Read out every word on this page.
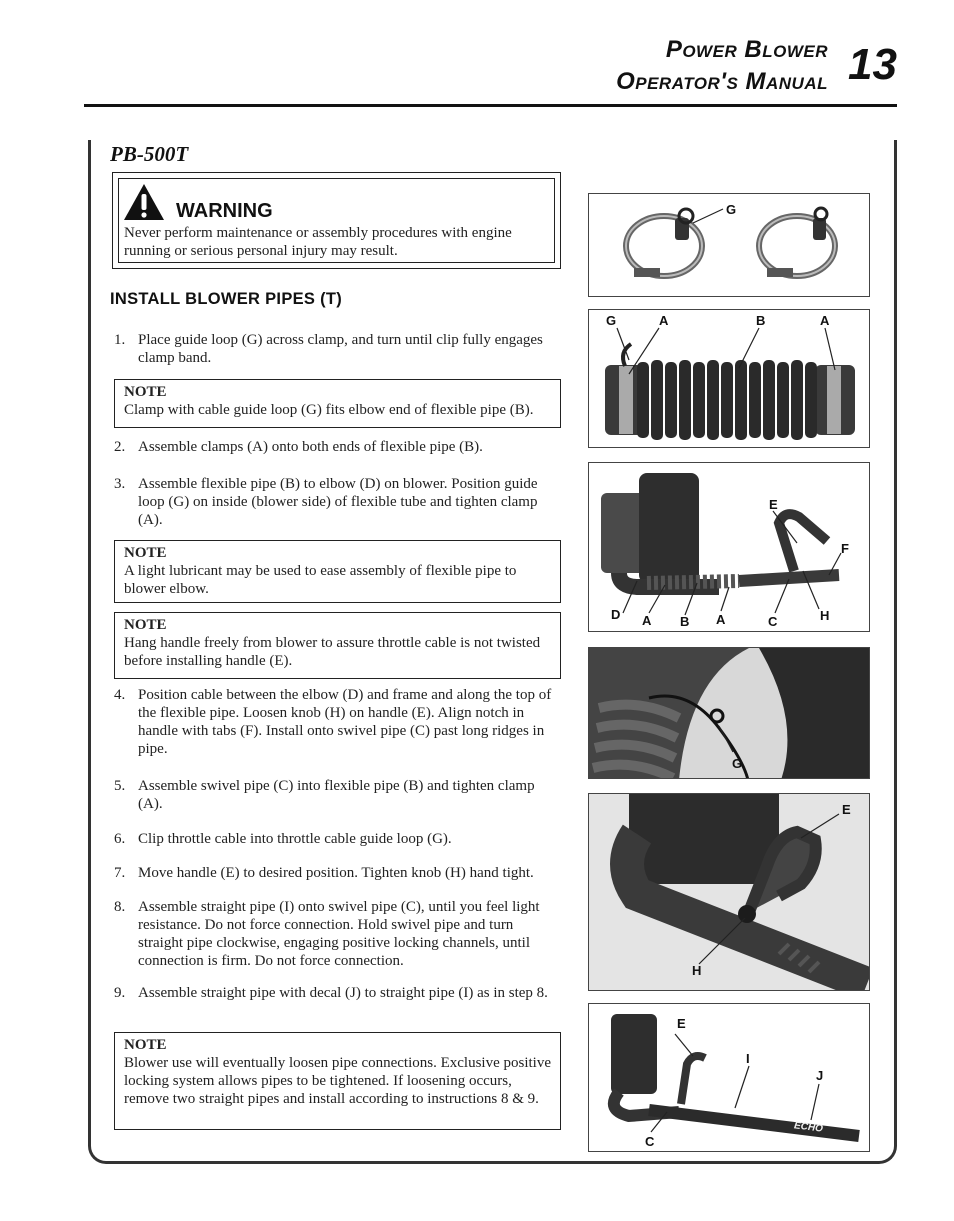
Power Blower
Operator's Manual 13
PB-500T
WARNING
Never perform maintenance or assembly procedures with engine running or serious personal injury may result.
INSTALL BLOWER PIPES (T)
1. Place guide loop (G) across clamp, and turn until clip fully engages clamp band.
NOTE
Clamp with cable guide loop (G) fits elbow end of flexible pipe (B).
2. Assemble clamps (A) onto both ends of flexible pipe (B).
3. Assemble flexible pipe (B) to elbow (D) on blower. Position guide loop (G) on inside (blower side) of flexible tube and tighten clamp (A).
NOTE
A light lubricant may be used to ease assembly of flexible pipe to blower elbow.
NOTE
Hang handle freely from blower to assure throttle cable is not twisted before installing handle (E).
4. Position cable between the elbow (D) and frame and along the top of the flexible pipe. Loosen knob (H) on handle (E). Align notch in handle with tabs (F). Install onto swivel pipe (C) past long ridges in pipe.
5. Assemble swivel pipe (C) into flexible pipe (B) and tighten clamp (A).
6. Clip throttle cable into throttle cable guide loop (G).
7. Move handle (E) to desired position. Tighten knob (H) hand tight.
8. Assemble straight pipe (I) onto swivel pipe (C), until you feel light resistance. Do not force connection. Hold swivel pipe and turn straight pipe clockwise, engaging positive locking channels, until connection is firm. Do not force connection.
9. Assemble straight pipe with decal (J) to straight pipe (I) as in step 8.
NOTE
Blower use will eventually loosen pipe connections. Exclusive positive locking system allows pipes to be tightened. If loosening occurs, remove two straight pipes and install according to instructions 8 & 9.
G
G	A	B	A
E
F
D A B A	C	H
G
E
H
ECHO
E
I
J
C
